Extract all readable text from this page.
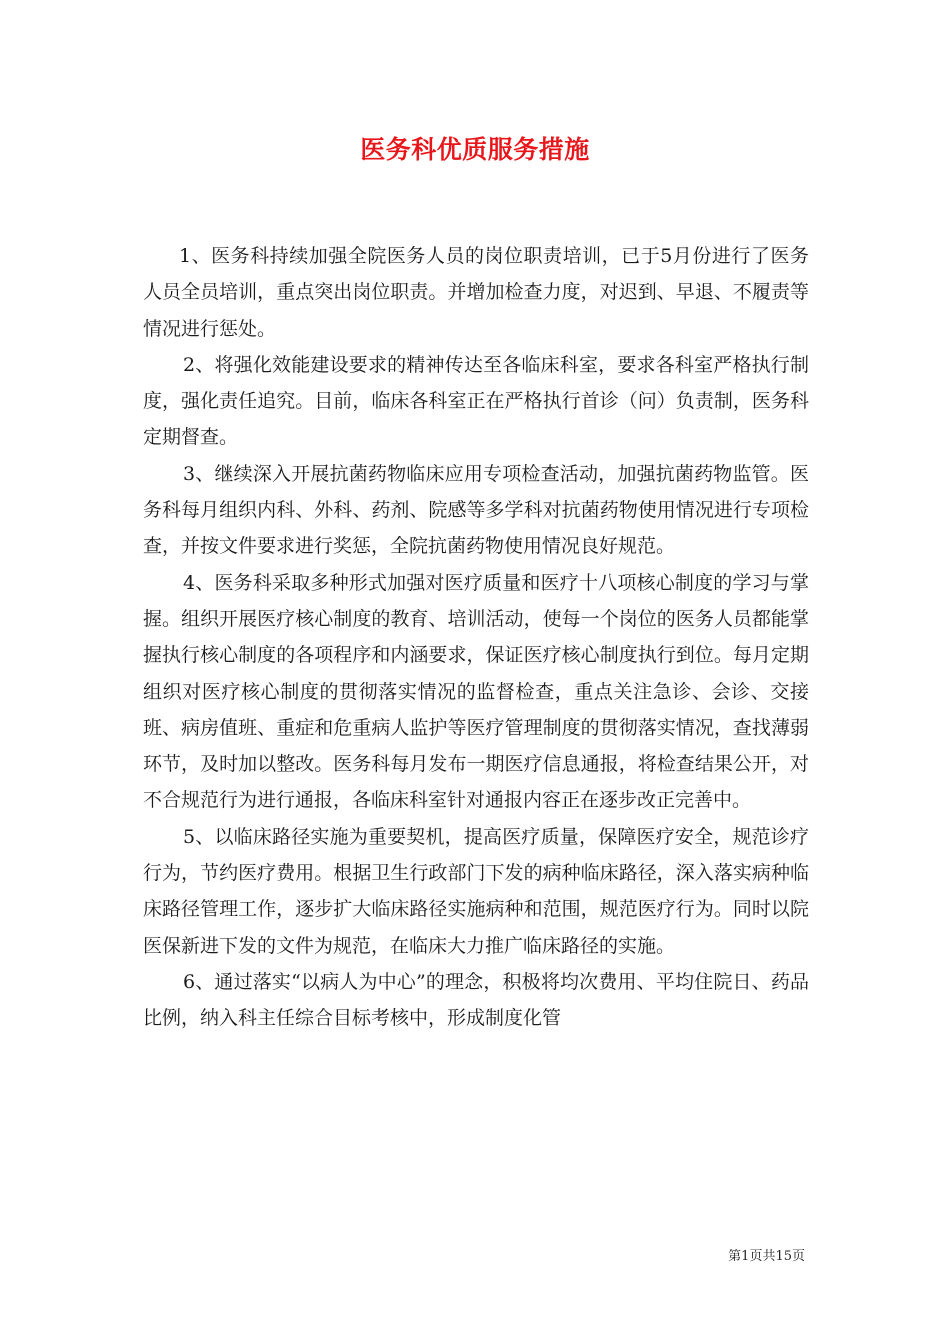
医务科优质服务措施

1、医务科持续加强全院医务人员的岗位职责培训，已于5月份进行了医务人员全员培训，重点突出岗位职责。并增加检查力度，对迟到、早退、不履责等情况进行惩处。

2、将强化效能建设要求的精神传达至各临床科室，要求各科室严格执行制度，强化责任追究。目前，临床各科室正在严格执行首诊（问）负责制，医务科定期督查。

3、继续深入开展抗菌药物临床应用专项检查活动，加强抗菌药物监管。医务科每月组织内科、外科、药剂、院感等多学科对抗菌药物使用情况进行专项检查，并按文件要求进行奖惩，全院抗菌药物使用情况良好规范。

4、医务科采取多种形式加强对医疗质量和医疗十八项核心制度的学习与掌握。组织开展医疗核心制度的教育、培训活动，使每一个岗位的医务人员都能掌握执行核心制度的各项程序和内涵要求，保证医疗核心制度执行到位。每月定期组织对医疗核心制度的贯彻落实情况的监督检查，重点关注急诊、会诊、交接班、病房值班、重症和危重病人监护等医疗管理制度的贯彻落实情况，查找薄弱环节，及时加以整改。医务科每月发布一期医疗信息通报，将检查结果公开，对不合规范行为进行通报，各临床科室针对通报内容正在逐步改正完善中。

5、以临床路径实施为重要契机，提高医疗质量，保障医疗安全，规范诊疗行为，节约医疗费用。根据卫生行政部门下发的病种临床路径，深入落实病种临床路径管理工作，逐步扩大临床路径实施病种和范围，规范医疗行为。同时以院医保新进下发的文件为规范，在临床大力推广临床路径的实施。

6、通过落实“以病人为中心”的理念，积极将均次费用、平均住院日、药品比例，纳入科主任综合目标考核中，形成制度化管

第1页共15页
